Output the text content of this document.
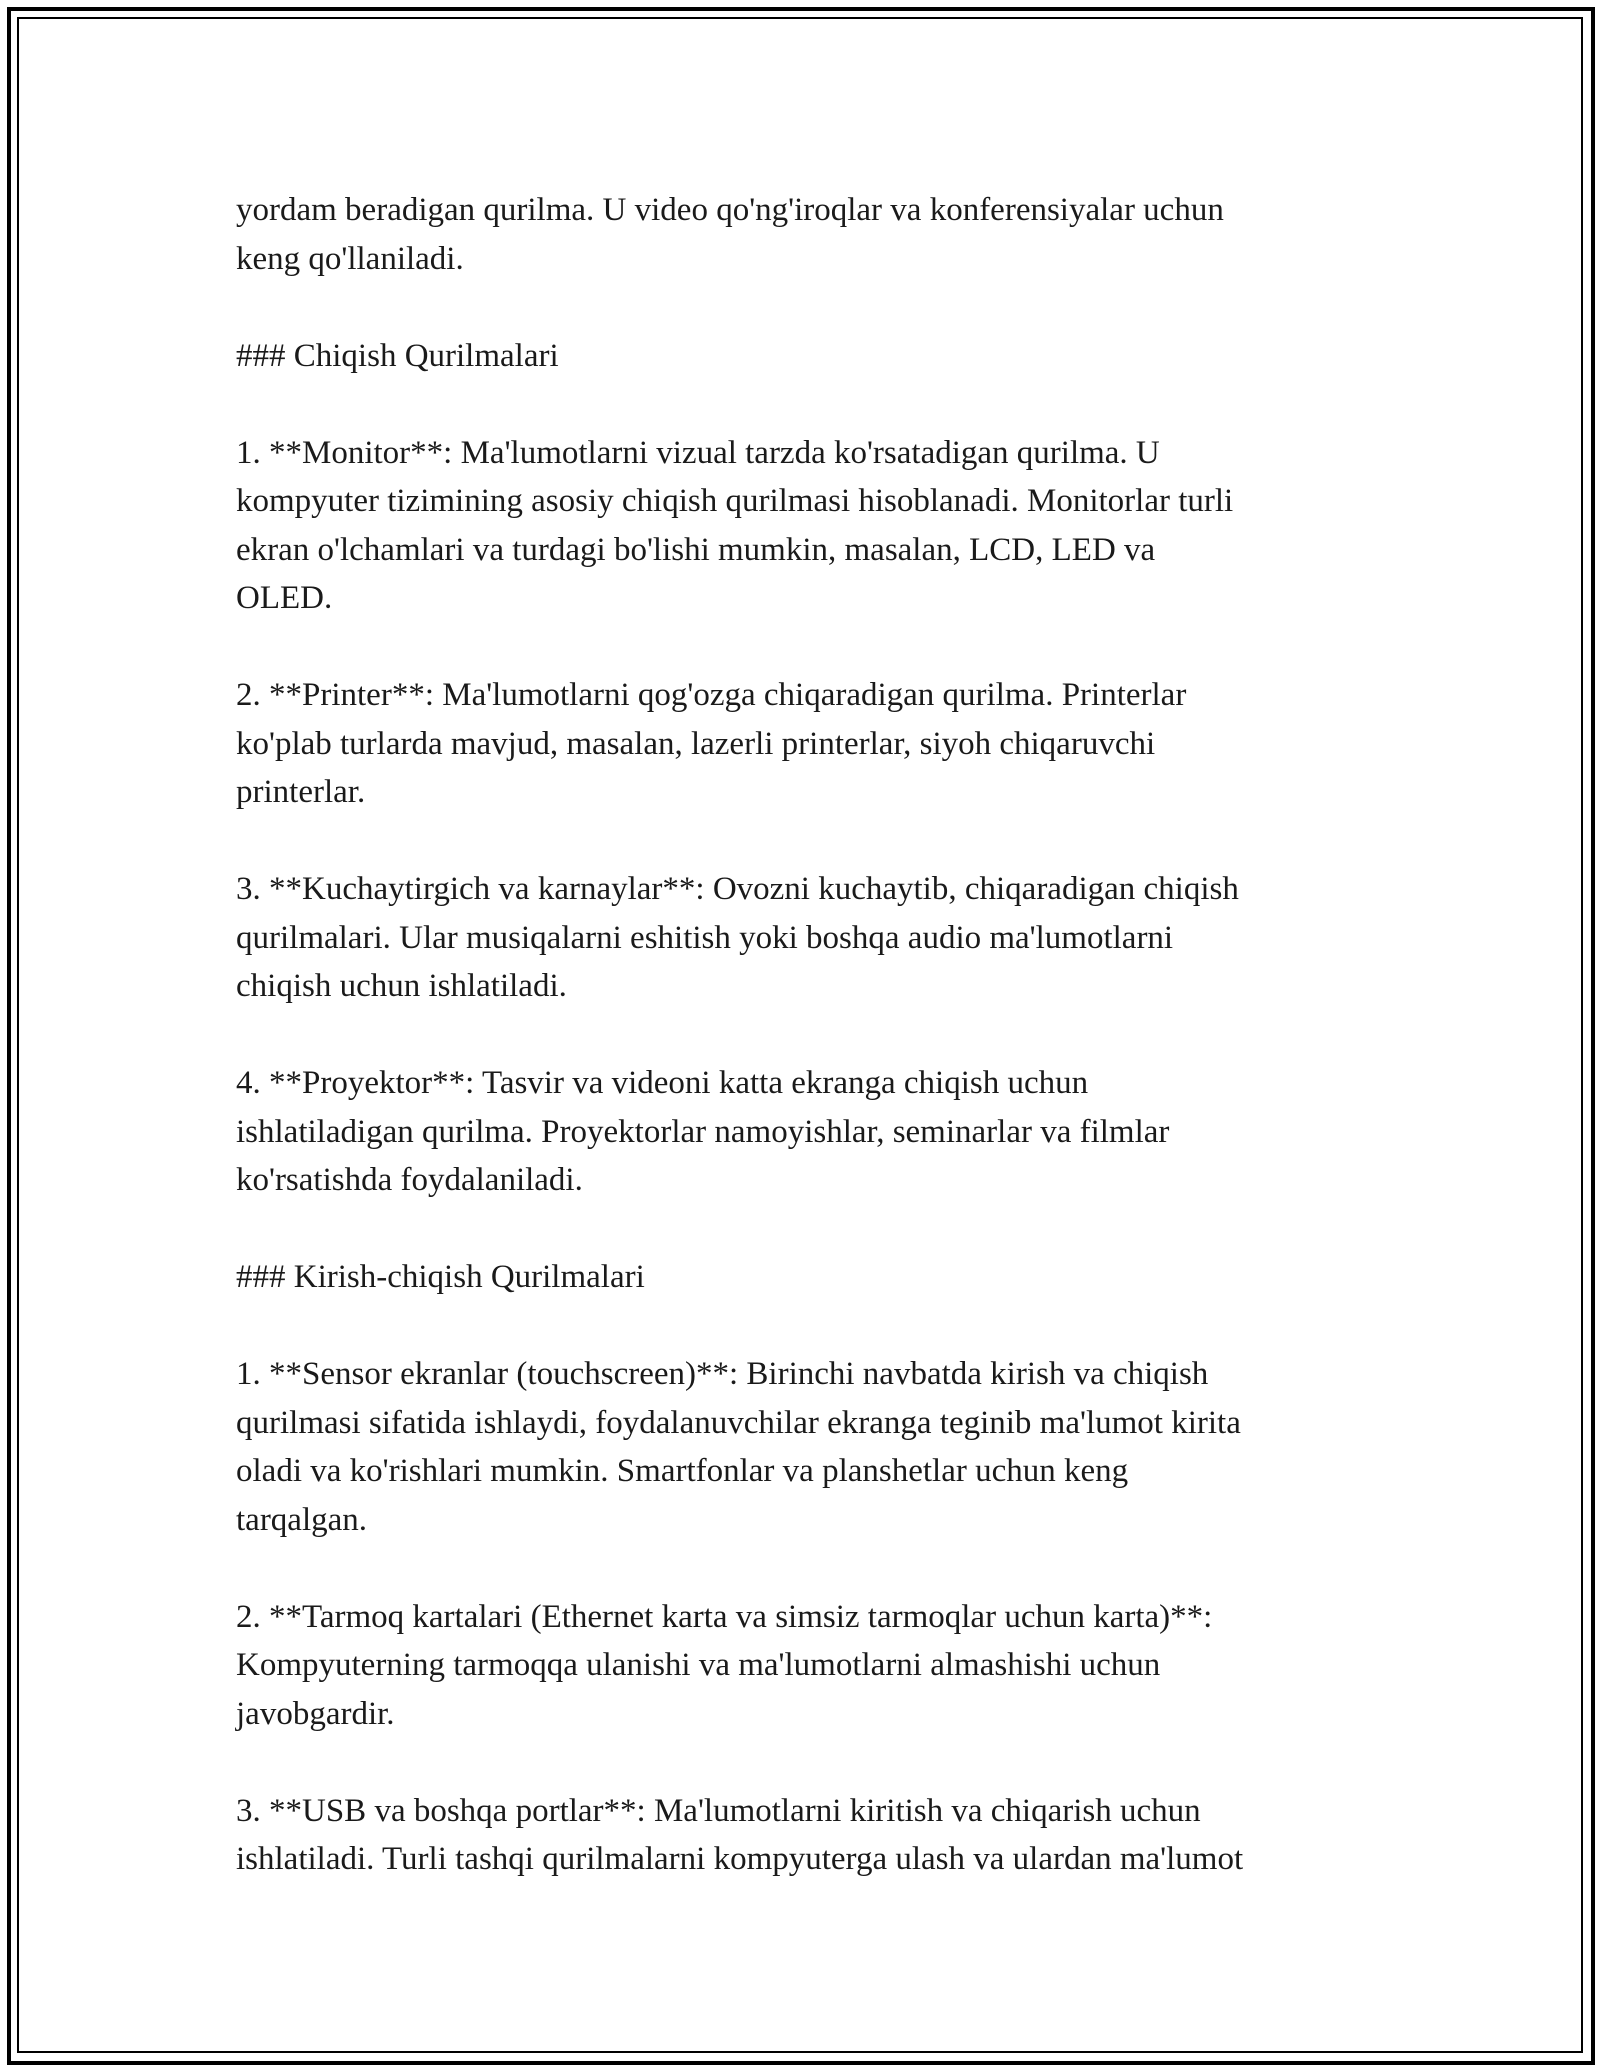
yordam beradigan qurilma. U video qo'ng'iroqlar va konferensiyalar uchun
keng qo'llaniladi.

### Chiqish Qurilmalari

1. **Monitor**: Ma'lumotlarni vizual tarzda ko'rsatadigan qurilma. U
kompyuter tizimining asosiy chiqish qurilmasi hisoblanadi. Monitorlar turli
ekran o'lchamlari va turdagi bo'lishi mumkin, masalan, LCD, LED va
OLED.

2. **Printer**: Ma'lumotlarni qog'ozga chiqaradigan qurilma. Printerlar
ko'plab turlarda mavjud, masalan, lazerli printerlar, siyoh chiqaruvchi
printerlar.

3. **Kuchaytirgich va karnaylar**: Ovozni kuchaytib, chiqaradigan chiqish
qurilmalari. Ular musiqalarni eshitish yoki boshqa audio ma'lumotlarni
chiqish uchun ishlatiladi.

4. **Proyektor**: Tasvir va videoni katta ekranga chiqish uchun
ishlatiladigan qurilma. Proyektorlar namoyishlar, seminarlar va filmlar
ko'rsatishda foydalaniladi.

### Kirish-chiqish Qurilmalari

1. **Sensor ekranlar (touchscreen)**: Birinchi navbatda kirish va chiqish
qurilmasi sifatida ishlaydi, foydalanuvchilar ekranga teginib ma'lumot kirita
oladi va ko'rishlari mumkin. Smartfonlar va planshetlar uchun keng
tarqalgan.

2. **Tarmoq kartalari (Ethernet karta va simsiz tarmoqlar uchun karta)**:
Kompyuterning tarmoqqa ulanishi va ma'lumotlarni almashishi uchun
javobgardir.

3. **USB va boshqa portlar**: Ma'lumotlarni kiritish va chiqarish uchun
ishlatiladi. Turli tashqi qurilmalarni kompyuterga ulash va ulardan ma'lumot
